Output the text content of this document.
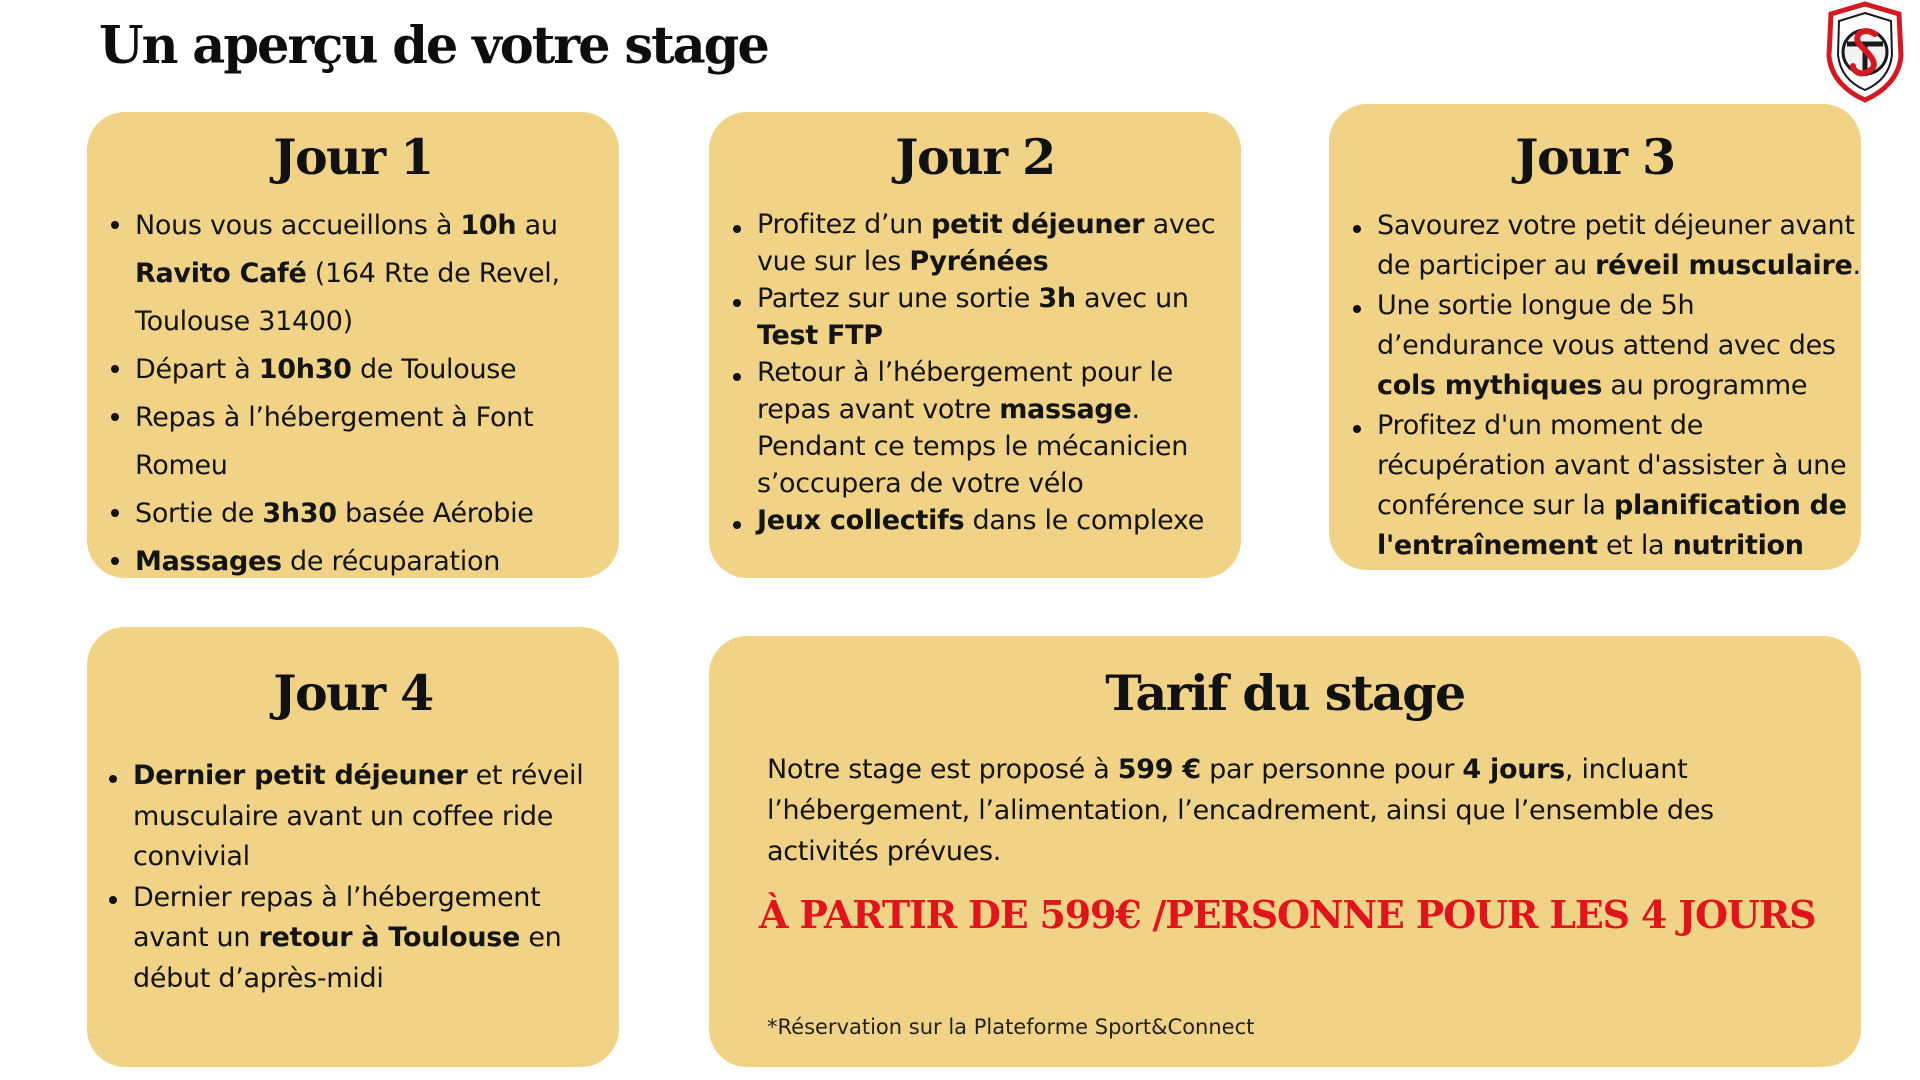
Un aperçu de votre stage
Jour 1
Nous vous accueillons à 10h au Ravito Café (164 Rte de Revel, Toulouse 31400)
Départ à 10h30 de Toulouse
Repas à l’hébergement à Font Romeu
Sortie de 3h30 basée Aérobie
Massages de récuparation
Jour 2
Profitez d’un petit déjeuner avec vue sur les Pyrénées
Partez sur une sortie 3h avec un Test FTP
Retour à l’hébergement pour le repas avant votre massage. Pendant ce temps le mécanicien s’occupera de votre vélo
Jeux collectifs dans le complexe
Jour 3
Savourez votre petit déjeuner avant de participer au réveil musculaire.
Une sortie longue de 5h d’endurance vous attend avec des cols mythiques au programme
Profitez d'un moment de récupération avant d'assister à une conférence sur la planification de l'entraînement et la nutrition
Jour 4
Dernier petit déjeuner et réveil musculaire avant un coffee ride convivial
Dernier repas à l’hébergement avant un retour à Toulouse en début d’après-midi
Tarif du stage
Notre stage est proposé à 599 € par personne pour 4 jours, incluant l’hébergement, l’alimentation, l’encadrement, ainsi que l’ensemble des activités prévues.
À PARTIR DE 599€ /PERSONNE POUR LES 4 JOURS
*Réservation sur la Plateforme Sport&Connect
